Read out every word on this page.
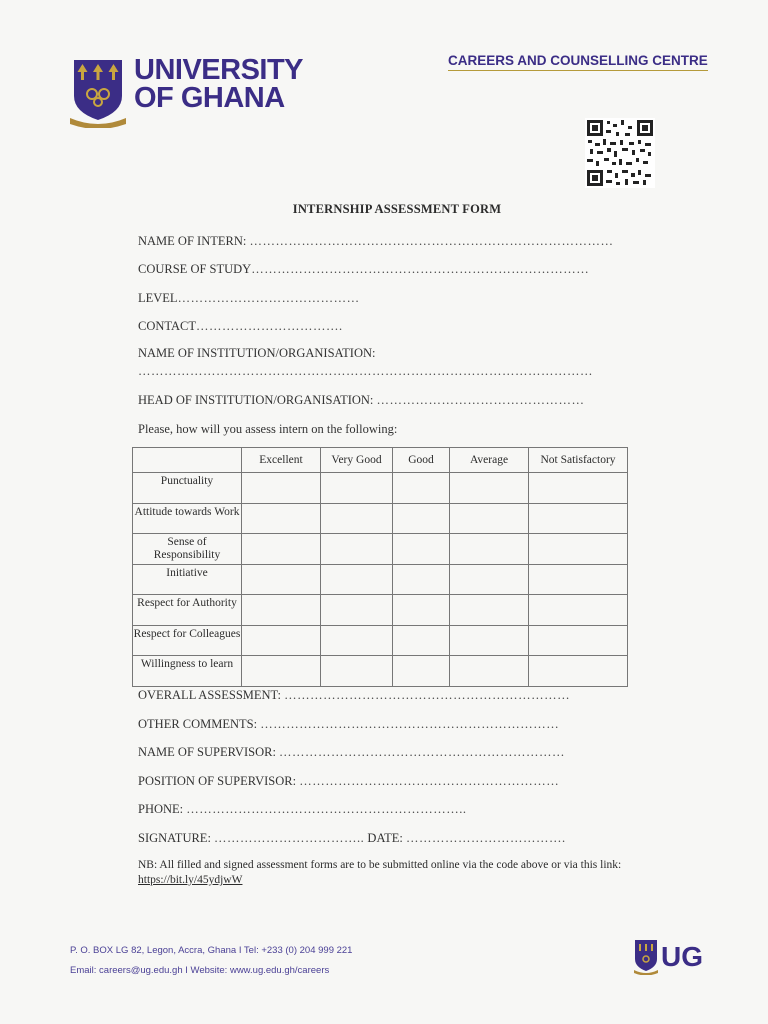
UNIVERSITY
OF GHANA
CAREERS AND COUNSELLING CENTRE
INTERNSHIP ASSESSMENT FORM
NAME OF INTERN: …………………………………………………………………………
COURSE OF STUDY……………………………………………………………………
LEVEL……………………………………
CONTACT…………………………….
NAME OF INSTITUTION/ORGANISATION:
……………………………………………………………………………………………
HEAD OF INSTITUTION/ORGANISATION: …………………………………………
Please, how will you assess intern on the following:
	Excellent	Very Good	Good	Average	Not Satisfactory
Punctuality					
Attitude towards Work					
Sense of Responsibility					
Initiative					
Respect for Authority					
Respect for Colleagues					
Willingness to learn					
OVERALL ASSESSMENT: …………………………………………………………
OTHER COMMENTS: ……………………………………………………………
NAME OF SUPERVISOR: …………………………………………………………
POSITION OF SUPERVISOR: ……………………………………………………
PHONE: ………………………………………………………..
SIGNATURE: …………………………….. DATE: ……………………………….
NB: All filled and signed assessment forms are to be submitted online via the code above or via this link: https://bit.ly/45ydjwW
P. O. BOX LG 82, Legon, Accra, Ghana I Tel: +233 (0) 204 999 221
Email: careers@ug.edu.gh I Website: www.ug.edu.gh/careers	UG
